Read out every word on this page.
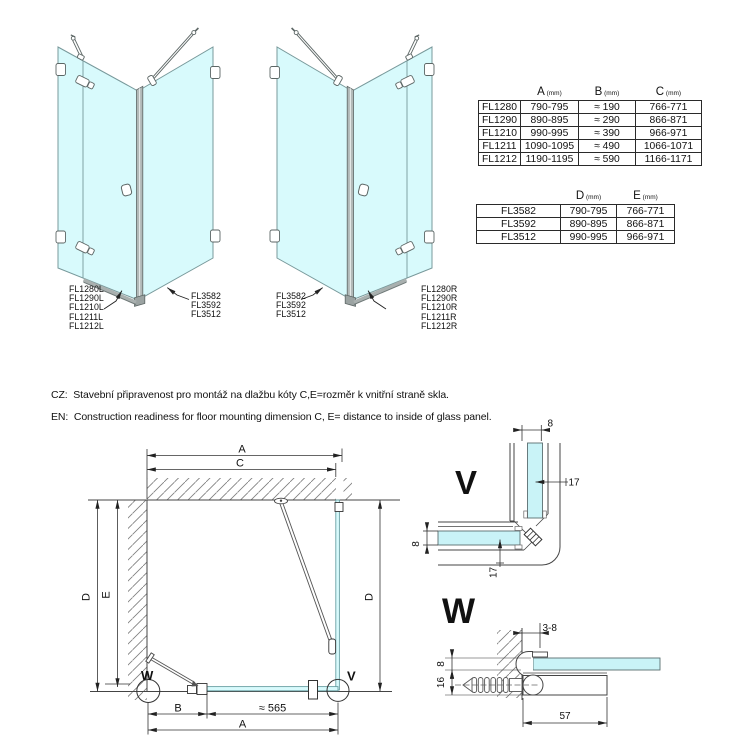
FL1280L
FL1290L
FL1210L
FL1211L
FL1212L
FL3582
FL3592
FL3512
FL3582
FL3592
FL3512
FL1280R
FL1290R
FL1210R
FL1211R
FL1212R
	A (mm)	B (mm)	C (mm)
FL1280	790-795	≈ 190	766-771
FL1290	890-895	≈ 290	866-871
FL1210	990-995	≈ 390	966-971
FL1211	1090-1095	≈ 490	1066-1071
FL1212	1190-1195	≈ 590	1166-1171
	D (mm)	E (mm)
FL3582	790-795	766-771
FL3592	890-895	866-871
FL3512	990-995	966-971
CZ:  Stavební připravenost pro montáž na dlažbu kóty C,E=rozměr k vnitřní straně skla.
EN:  Construction readiness for floor mounting dimension C, E= distance to inside of glass panel.
A
C
D E	D
B	≈ 565
A
W	V
V
8
17
17
8
W	3-8
8
16
57
